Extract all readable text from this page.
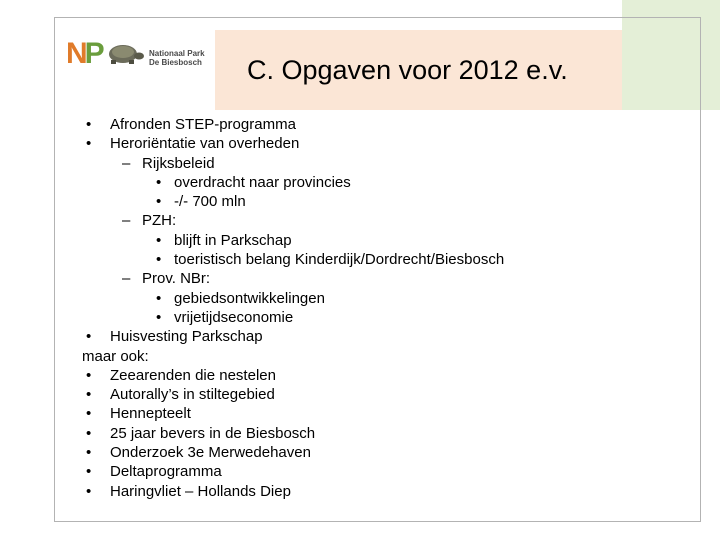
NP	Nationaal Park
De Biesbosch C. Opgaven voor 2012 e.v.
• Afronden STEP-programma
• Heroriëntatie van overheden
– Rijksbeleid
• overdracht naar provincies
• -/- 700 mln
– PZH:
• blijft in Parkschap
• toeristisch belang Kinderdijk/Dordrecht/Biesbosch
– Prov. NBr:
• gebiedsontwikkelingen
• vrijetijdseconomie
• Huisvesting Parkschap
maar ook:
• Zeearenden die nestelen
• Autorally’s in stiltegebied
• Hennepteelt
• 25 jaar bevers in de Biesbosch
• Onderzoek 3e Merwedehaven
• Deltaprogramma
• Haringvliet – Hollands Diep
